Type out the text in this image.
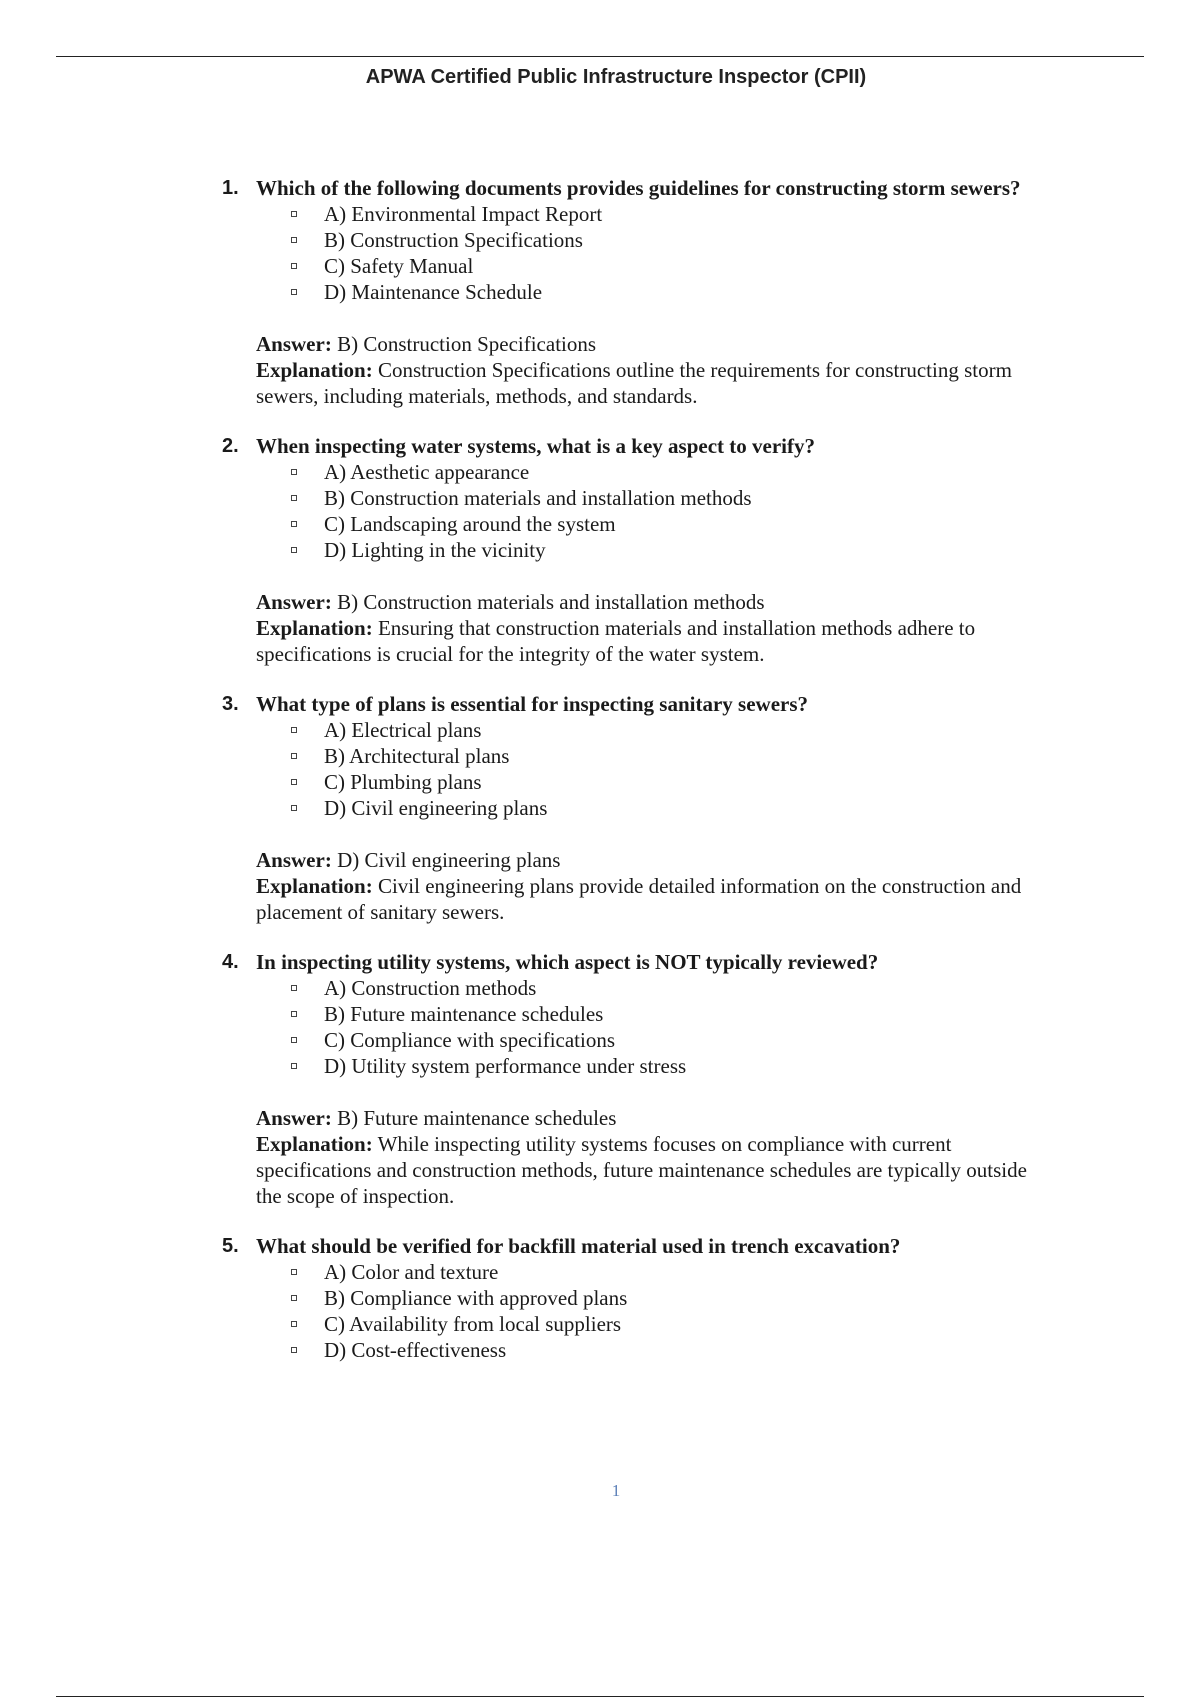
APWA Certified Public Infrastructure Inspector (CPII)
1. Which of the following documents provides guidelines for constructing storm sewers?
A) Environmental Impact Report
B) Construction Specifications
C) Safety Manual
D) Maintenance Schedule
Answer: B) Construction Specifications
Explanation: Construction Specifications outline the requirements for constructing storm sewers, including materials, methods, and standards.
2. When inspecting water systems, what is a key aspect to verify?
A) Aesthetic appearance
B) Construction materials and installation methods
C) Landscaping around the system
D) Lighting in the vicinity
Answer: B) Construction materials and installation methods
Explanation: Ensuring that construction materials and installation methods adhere to specifications is crucial for the integrity of the water system.
3. What type of plans is essential for inspecting sanitary sewers?
A) Electrical plans
B) Architectural plans
C) Plumbing plans
D) Civil engineering plans
Answer: D) Civil engineering plans
Explanation: Civil engineering plans provide detailed information on the construction and placement of sanitary sewers.
4. In inspecting utility systems, which aspect is NOT typically reviewed?
A) Construction methods
B) Future maintenance schedules
C) Compliance with specifications
D) Utility system performance under stress
Answer: B) Future maintenance schedules
Explanation: While inspecting utility systems focuses on compliance with current specifications and construction methods, future maintenance schedules are typically outside the scope of inspection.
5. What should be verified for backfill material used in trench excavation?
A) Color and texture
B) Compliance with approved plans
C) Availability from local suppliers
D) Cost-effectiveness
1
